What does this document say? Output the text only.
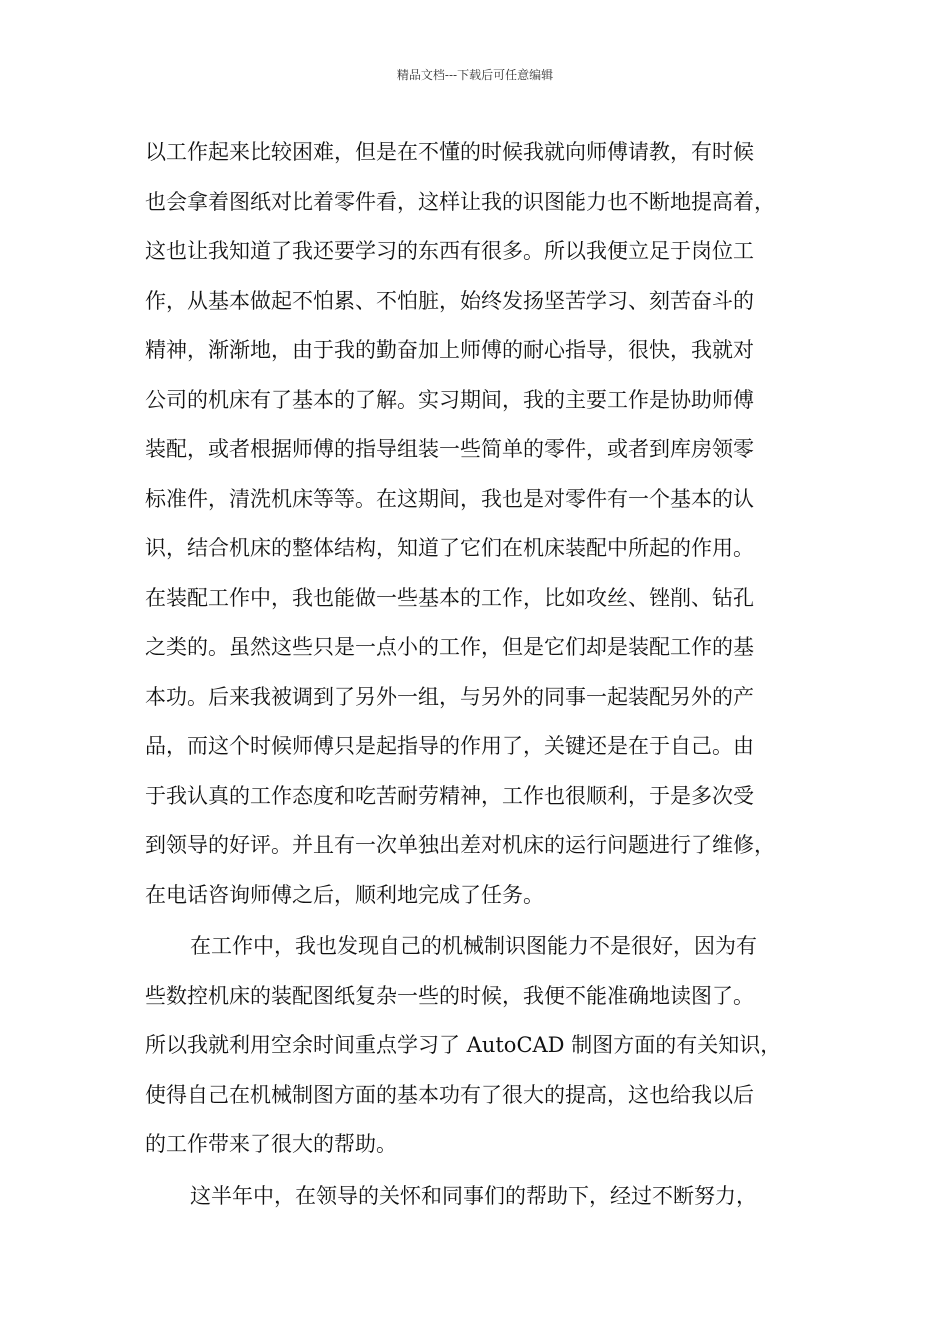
精品文档---下载后可任意编辑
以工作起来比较困难，但是在不懂的时候我就向师傅请教，有时候
也会拿着图纸对比着零件看，这样让我的识图能力也不断地提高着，
这也让我知道了我还要学习的东西有很多。所以我便立足于岗位工
作，从基本做起不怕累、不怕脏，始终发扬坚苦学习、刻苦奋斗的
精神，渐渐地，由于我的勤奋加上师傅的耐心指导，很快，我就对
公司的机床有了基本的了解。实习期间，我的主要工作是协助师傅
装配，或者根据师傅的指导组装一些简单的零件，或者到库房领零
标准件，清洗机床等等。在这期间，我也是对零件有一个基本的认
识，结合机床的整体结构，知道了它们在机床装配中所起的作用。
在装配工作中，我也能做一些基本的工作，比如攻丝、锉削、钻孔
之类的。虽然这些只是一点小的工作，但是它们却是装配工作的基
本功。后来我被调到了另外一组，与另外的同事一起装配另外的产
品，而这个时候师傅只是起指导的作用了，关键还是在于自己。由
于我认真的工作态度和吃苦耐劳精神，工作也很顺利，于是多次受
到领导的好评。并且有一次单独出差对机床的运行问题进行了维修，
在电话咨询师傅之后，顺利地完成了任务。
在工作中，我也发现自己的机械制识图能力不是很好，因为有
些数控机床的装配图纸复杂一些的时候，我便不能准确地读图了。
所以我就利用空余时间重点学习了 AutoCAD 制图方面的有关知识，
使得自己在机械制图方面的基本功有了很大的提高，这也给我以后
的工作带来了很大的帮助。
这半年中，在领导的关怀和同事们的帮助下，经过不断努力，
